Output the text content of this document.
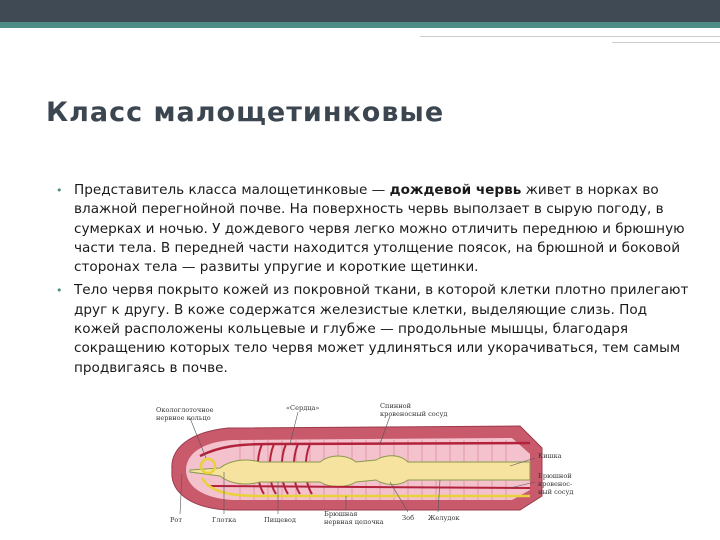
Класс малощетинковые
• Представитель класса малощетинковые — дождевой червь живет в норках во влажной перегнойной почве. На поверхность червь выползает в сырую погоду, в сумерках и ночью. У дождевого червя легко можно отличить переднюю и брюшную части тела. В передней части находится утолщение поясок, на брюшной и боковой сторонах тела — развиты упругие и короткие щетинки.
• Тело червя покрыто кожей из покровной ткани, в которой клетки плотно прилегают друг к другу. В коже содержатся железистые клетки, выделяющие слизь. Под кожей расположены кольцевые и глубже — продольные мышцы, благодаря сокращению которых тело червя может удлиняться или укорачиваться, тем самым продвигаясь в почве.
Окологлоточное
нервное кольцо
«Сердца»	Спинной
кровеносный сосуд
Кишка
Брюшной
кровенос-
ный сосуд
Рот	Глотка	Пищевод
Брюшная
нервная цепочка	Зоб Желудок
